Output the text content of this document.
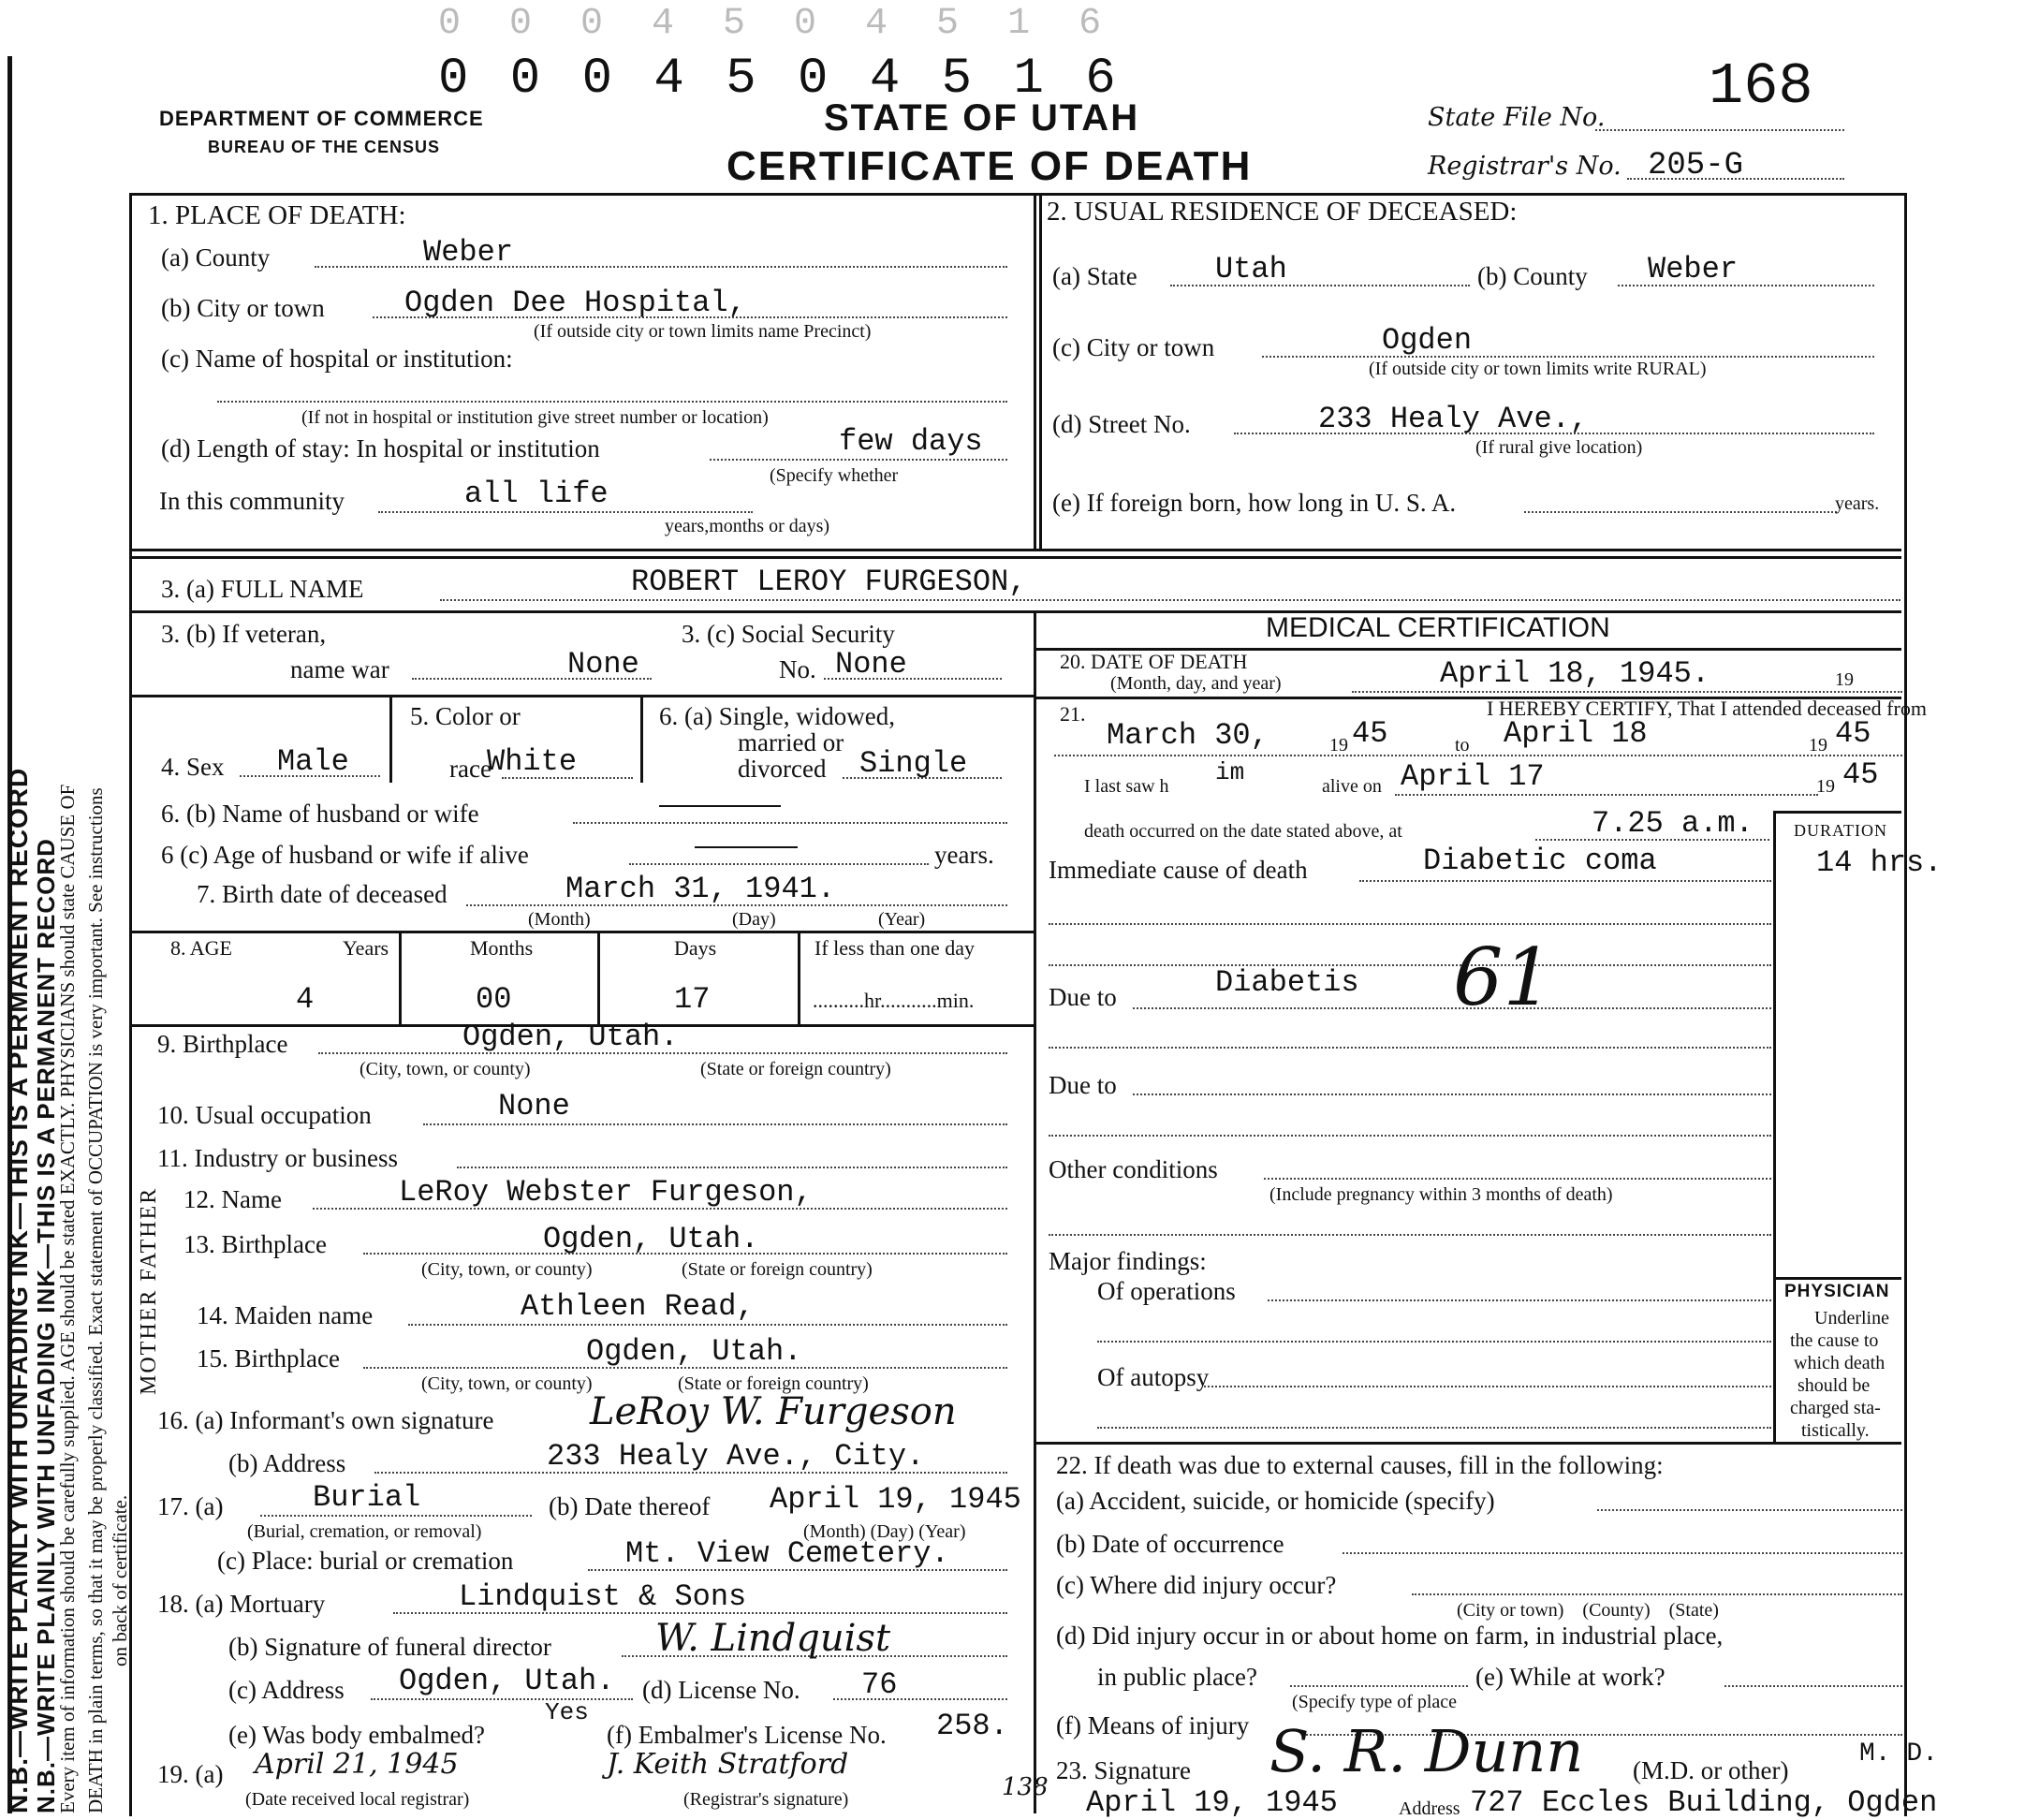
0 0 0 4 5 0 4 5 1 6
0 0 0 4 5 0 4 5 1 6
DEPARTMENT OF COMMERCE
BUREAU OF THE CENSUS
STATE OF UTAH
CERTIFICATE OF DEATH
State File No. 168
Registrar's No. 205-G
N.B.—WRITE PLAINLY WITH UNFADING INK—THIS IS A PERMANENT RECORD N.B.—WRITE PLAINLY WITH UNFADING INK—THIS IS A PERMANENT RECORD
Every item of information should be carefully supplied. AGE should be stated EXACTLY. PHYSICIANS should state CAUSE OF DEATH in plain terms, so that it may be properly classified. Exact statement of OCCUPATION is very important. See instructions on back of certificate.
MOTHER FATHER
1. PLACE OF DEATH:
(a) County	Weber
(b) City or town	Ogden Dee Hospital,
(If outside city or town limits name Precinct)
(c) Name of hospital or institution:
(If not in hospital or institution give street number or location)
(d) Length of stay: In hospital or institution	few days
(Specify whether
In this community	all life
years,months or days)
2. USUAL RESIDENCE OF DECEASED:
(a) State	Utah	(b) County Weber
(c) City or town	Ogden
(If outside city or town limits write RURAL)
(d) Street No.	233 Healy Ave.,
(If rural give location)
(e) If foreign born, how long in U. S. A.	years.
3. (a) FULL NAME	ROBERT LEROY FURGESON,
3. (b) If veteran,
name war	None
3. (c) Social Security
No. None
4. Sex Male
5. Color or
race
White
6. (a) Single, widowed,
married or
divorced Single
6. (b) Name of husband or wife
6 (c) Age of husband or wife if alive	years.
7. Birth date of deceased	March 31, 1941.
(Month)	(Day)	(Year)
8. AGE	Years	Months	Days	If less than one day
4	00	17	..........hr...........min.
9. Birthplace	Ogden, Utah.
(City, town, or county)	(State or foreign country)
10. Usual occupation	None
11. Industry or business
12. Name	LeRoy Webster Furgeson,
13. Birthplace	Ogden, Utah.
(City, town, or county)	(State or foreign country)
14. Maiden name	Athleen Read,
15. Birthplace	Ogden, Utah.
(City, town, or county)	(State or foreign country)
16. (a) Informant's own signature	LeRoy W. Furgeson
(b) Address	233 Healy Ave., City.
17. (a)	Burial
(Burial, cremation, or removal)
(b) Date thereof April 19, 1945
(Month) (Day) (Year)
(c) Place: burial or cremation	Mt. View Cemetery.
18. (a) Mortuary	Lindquist & Sons
(b) Signature of funeral director	W. Lindquist
(c) Address Ogden, Utah. (d) License No. 76
(e) Was body embalmed?
Yes
(f) Embalmer's License No. 258.
19. (a) April 21, 1945
(Date received local registrar)
J. Keith Stratford
(Registrar's signature)	138
MEDICAL CERTIFICATION
20. DATE OF DEATH
(Month, day, and year)	April 18, 1945.	19
21.	I HEREBY CERTIFY, That I attended deceased from
March 30,	19 45	to April 18	19 45
I last saw h im	alive on April 17	19 45
death occurred on the date stated above, at	7.25 a.m. DURATION
Immediate cause of death	Diabetic coma	14 hrs.
Due to	Diabetis 61
Due to
Other conditions
(Include pregnancy within 3 months of death)
Major findings:
Of operations
Of autopsy
PHYSICIAN
Underline
the cause to
which death
should be
charged sta-
tistically.
22. If death was due to external causes, fill in the following:
(a) Accident, suicide, or homicide (specify)
(b) Date of occurrence
(c) Where did injury occur?
(City or town)    (County)    (State)
(d) Did injury occur in or about home on farm, in industrial place,
in public place?
(Specify type of place
(e) While at work?
(f) Means of injury
23. Signature S. R. Dunn (M.D. or other)
M. D.
April 19, 1945	Address 727 Eccles Building, Ogden
